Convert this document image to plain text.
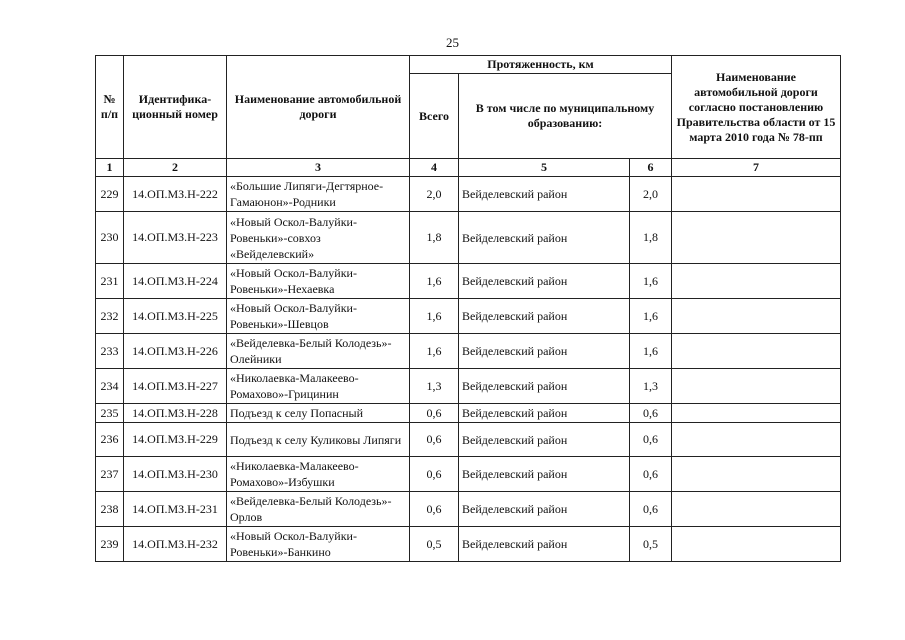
25
№ п/п	Идентифика-ционный номер	Наименование автомобильной дороги	Протяженность, км			Наименование автомобильной дороги согласно постановлению Правительства области от 15 марта 2010 года № 78-пп
			Всего	В том числе по муниципальному образованию:		
1	2	3	4	5	6	7
229	14.ОП.МЗ.Н-222	«Большие Липяги-Дегтярное-Гамаюнон»-Родники	2,0	Вейделевский район	2,0	
230	14.ОП.МЗ.Н-223	«Новый Оскол-Валуйки-Ровеньки»-совхоз «Вейделевский»	1,8	Вейделевский район	1,8	
231	14.ОП.МЗ.Н-224	«Новый Оскол-Валуйки-Ровеньки»-Нехаевка	1,6	Вейделевский район	1,6	
232	14.ОП.МЗ.Н-225	«Новый Оскол-Валуйки-Ровеньки»-Шевцов	1,6	Вейделевский район	1,6	
233	14.ОП.МЗ.Н-226	«Вейделевка-Белый Колодезь»-Олейники	1,6	Вейделевский район	1,6	
234	14.ОП.МЗ.Н-227	«Николаевка-Малакеево-Ромахово»-Грицинин	1,3	Вейделевский район	1,3	
235	14.ОП.МЗ.Н-228	Подъезд к селу Попасный	0,6	Вейделевский район	0,6	
236	14.ОП.МЗ.Н-229	Подъезд к селу Куликовы Липяги	0,6	Вейделевский район	0,6	
237	14.ОП.МЗ.Н-230	«Николаевка-Малакеево-Ромахово»-Избушки	0,6	Вейделевский район	0,6	
238	14.ОП.МЗ.Н-231	«Вейделевка-Белый Колодезь»-Орлов	0,6	Вейделевский район	0,6	
239	14.ОП.МЗ.Н-232	«Новый Оскол-Валуйки-Ровеньки»-Банкино	0,5	Вейделевский район	0,5	
